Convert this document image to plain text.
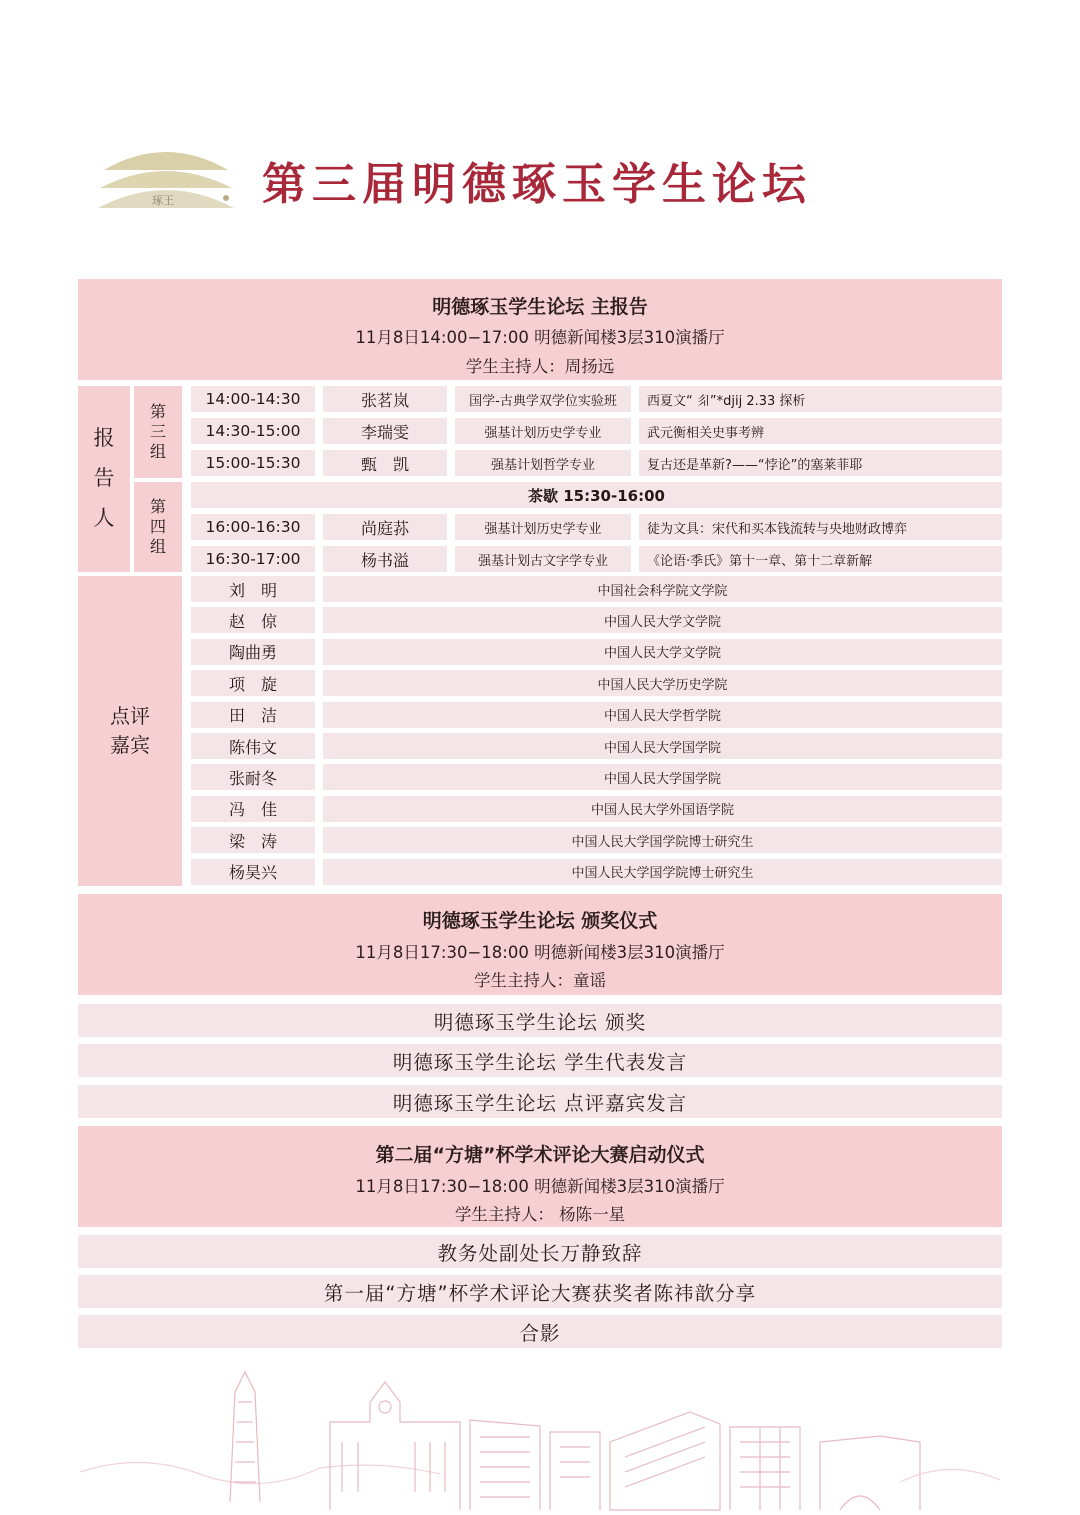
琢王 第三届明德琢玉学生论坛
明德琢玉学生论坛 主报告
11月8日14:00−17:00 明德新闻楼3层310演播厅
学生主持人：周扬远
报
告
人
第
三
组
第
四
组
14:00-14:30	张茗岚	国学-古典学双学位实验班	西夏文“ 𗼃”*djij 2.33 探析
14:30-15:00	李瑞雯	强基计划历史学专业	武元衡相关史事考辨
15:00-15:30	甄　凯	强基计划哲学专业	复古还是革新?——“悖论”的塞莱菲耶
茶歇 15:30-16:00
16:00-16:30	尚庭荪	强基计划历史学专业	徒为文具：宋代和买本钱流转与央地财政博弈
16:30-17:00	杨书溢	强基计划古文字学专业	《论语·季氏》第十一章、第十二章新解
点评
嘉宾
刘　明	中国社会科学院文学院
赵　倞	中国人民大学文学院
陶曲勇	中国人民大学文学院
项　旋	中国人民大学历史学院
田　洁	中国人民大学哲学院
陈伟文	中国人民大学国学院
张耐冬	中国人民大学国学院
冯　佳	中国人民大学外国语学院
梁　涛	中国人民大学国学院博士研究生
杨昊兴	中国人民大学国学院博士研究生
明德琢玉学生论坛 颁奖仪式
11月8日17:30−18:00 明德新闻楼3层310演播厅
学生主持人：童谣
明德琢玉学生论坛 颁奖
明德琢玉学生论坛 学生代表发言
明德琢玉学生论坛 点评嘉宾发言
第二届“方塘”杯学术评论大赛启动仪式
11月8日17:30−18:00 明德新闻楼3层310演播厅
学生主持人： 杨陈一星
教务处副处长万静致辞
第一届“方塘”杯学术评论大赛获奖者陈祎歆分享
合影
